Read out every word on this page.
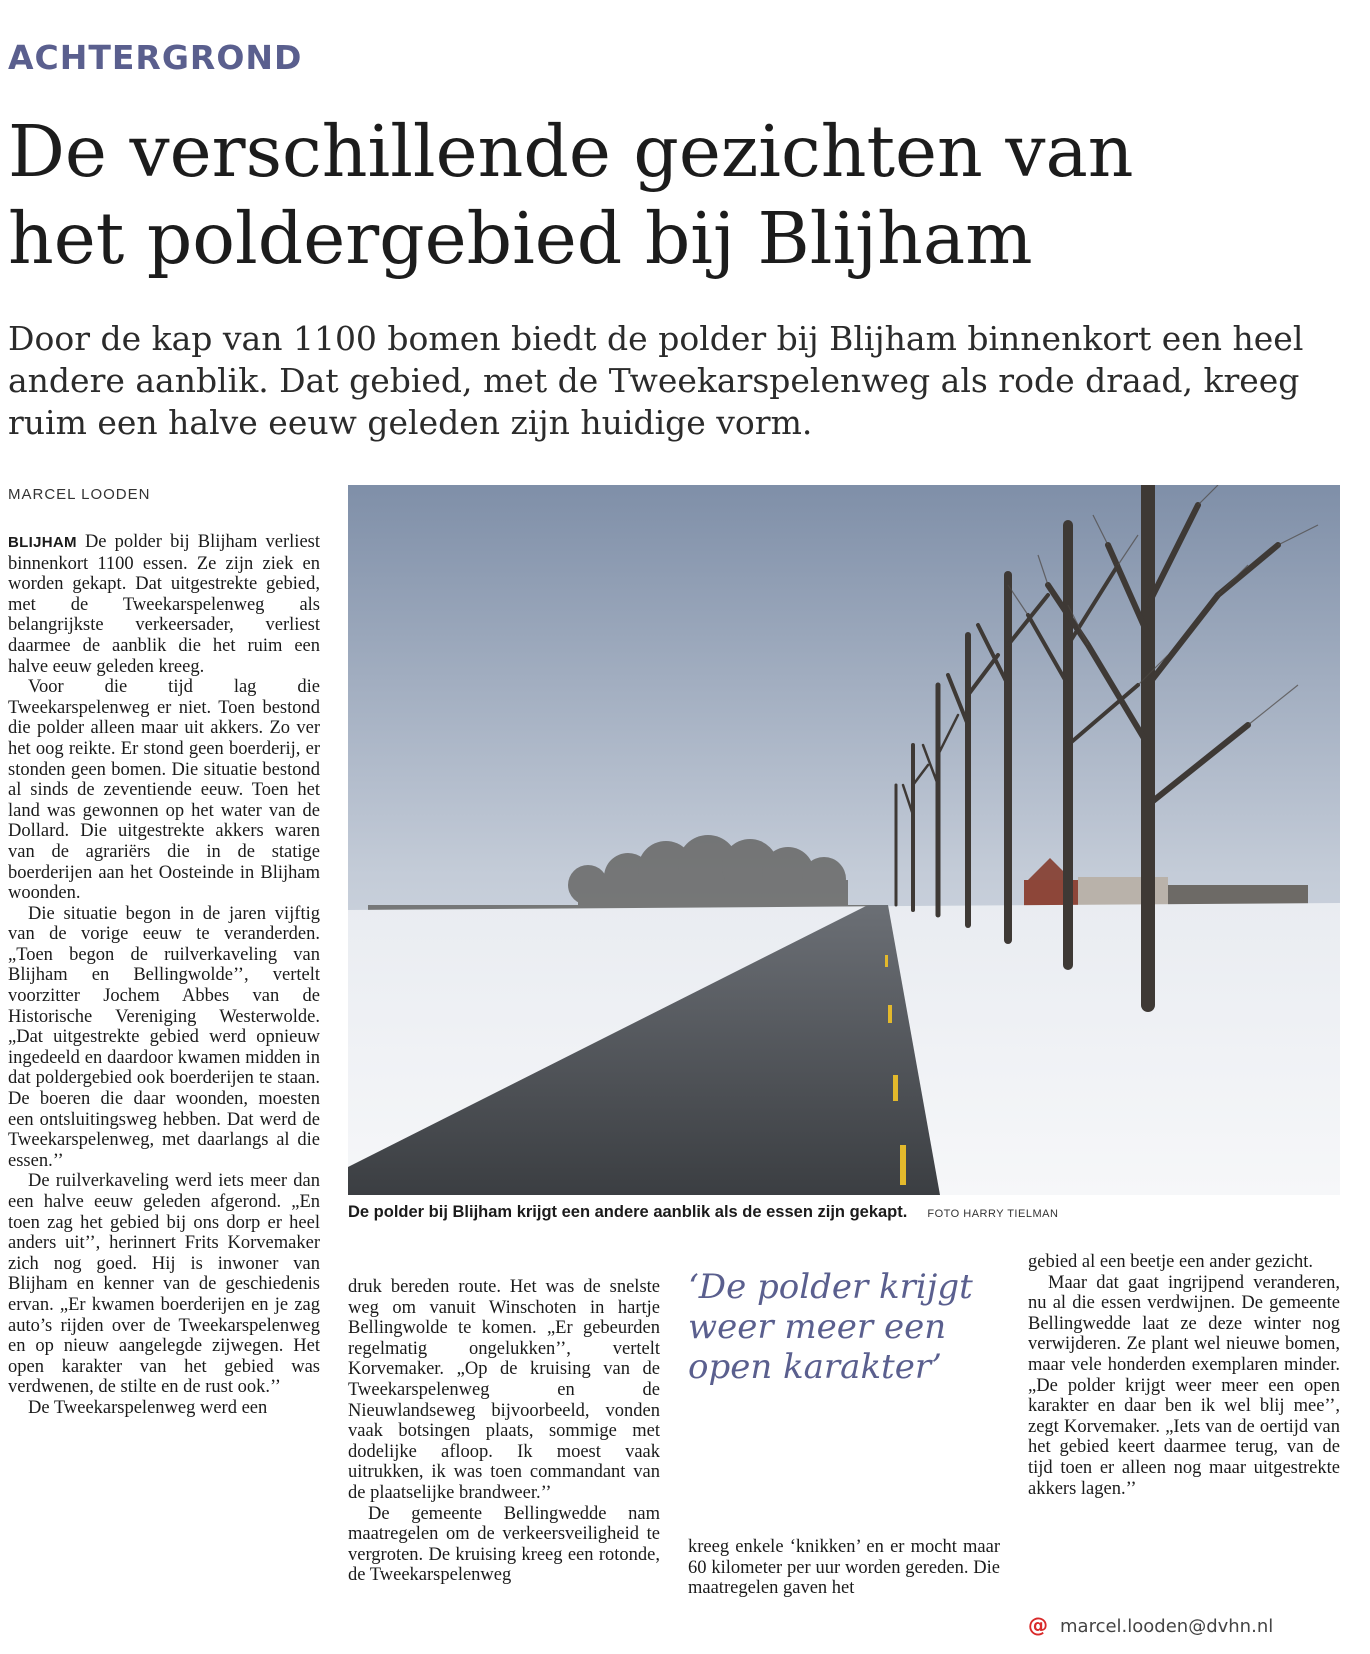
ACHTERGROND
De verschillende gezichten van
het poldergebied bij Blijham

Door de kap van 1100 bomen biedt de polder bij Blijham binnenkort een heel
andere aanblik. Dat gebied, met de Tweekarspelenweg als rode draad, kreeg
ruim een halve eeuw geleden zijn huidige vorm.

MARCEL LOODEN

BLIJHAM De polder bij Blijham verliest binnenkort 1100 essen. Ze zijn ziek en worden gekapt. Dat uitgestrekte gebied, met de Tweekarspelenweg als belangrijkste verkeersader, verliest daarmee de aanblik die het ruim een halve eeuw geleden kreeg.

Voor die tijd lag die Tweekarspelenweg er niet. Toen bestond die polder alleen maar uit akkers. Zo ver het oog reikte. Er stond geen boerderij, er stonden geen bomen. Die situatie bestond al sinds de zeventiende eeuw. Toen het land was gewonnen op het water van de Dollard. Die uitgestrekte akkers waren van de agrariërs die in de statige boerderijen aan het Oosteinde in Blijham woonden.

Die situatie begon in de jaren vijftig van de vorige eeuw te veranderden. „Toen begon de ruilverkaveling van Blijham en Bellingwolde’’, vertelt voorzitter Jochem Abbes van de Historische Vereniging Westerwolde. „Dat uitgestrekte gebied werd opnieuw ingedeeld en daardoor kwamen midden in dat poldergebied ook boerderijen te staan. De boeren die daar woonden, moesten een ontsluitingsweg hebben. Dat werd de Tweekarspelenweg, met daarlangs al die essen.’’

De ruilverkaveling werd iets meer dan een halve eeuw geleden afgerond. „En toen zag het gebied bij ons dorp er heel anders uit’’, herinnert Frits Korvemaker zich nog goed. Hij is inwoner van Blijham en kenner van de geschiedenis ervan. „Er kwamen boerderijen en je zag auto’s rijden over de Tweekarspelenweg en op nieuw aangelegde zijwegen. Het open karakter van het gebied was verdwenen, de stilte en de rust ook.’’

De Tweekarspelenweg werd een

De polder bij Blijham krijgt een andere aanblik als de essen zijn gekapt. FOTO HARRY TIELMAN

druk bereden route. Het was de snelste weg om vanuit Winschoten in hartje Bellingwolde te komen. „Er gebeurden regelmatig ongelukken’’, vertelt Korvemaker. „Op de kruising van de Tweekarspelenweg en de Nieuwlandseweg bijvoorbeeld, vonden vaak botsingen plaats, sommige met dodelijke afloop. Ik moest vaak uitrukken, ik was toen commandant van de plaatselijke brandweer.’’

De gemeente Bellingwedde nam maatregelen om de verkeersveiligheid te vergroten. De kruising kreeg een rotonde, de Tweekarspelenweg

‘De polder krijgt weer meer een open karakter’

kreeg enkele ‘knikken’ en er mocht maar 60 kilometer per uur worden gereden. Die maatregelen gaven het

gebied al een beetje een ander gezicht.

Maar dat gaat ingrijpend veranderen, nu al die essen verdwijnen. De gemeente Bellingwedde laat ze deze winter nog verwijderen. Ze plant wel nieuwe bomen, maar vele honderden exemplaren minder. „De polder krijgt weer meer een open karakter en daar ben ik wel blij mee’’, zegt Korvemaker. „Iets van de oertijd van het gebied keert daarmee terug, van de tijd toen er alleen nog maar uitgestrekte akkers lagen.’’

@ marcel.looden@dvhn.nl
